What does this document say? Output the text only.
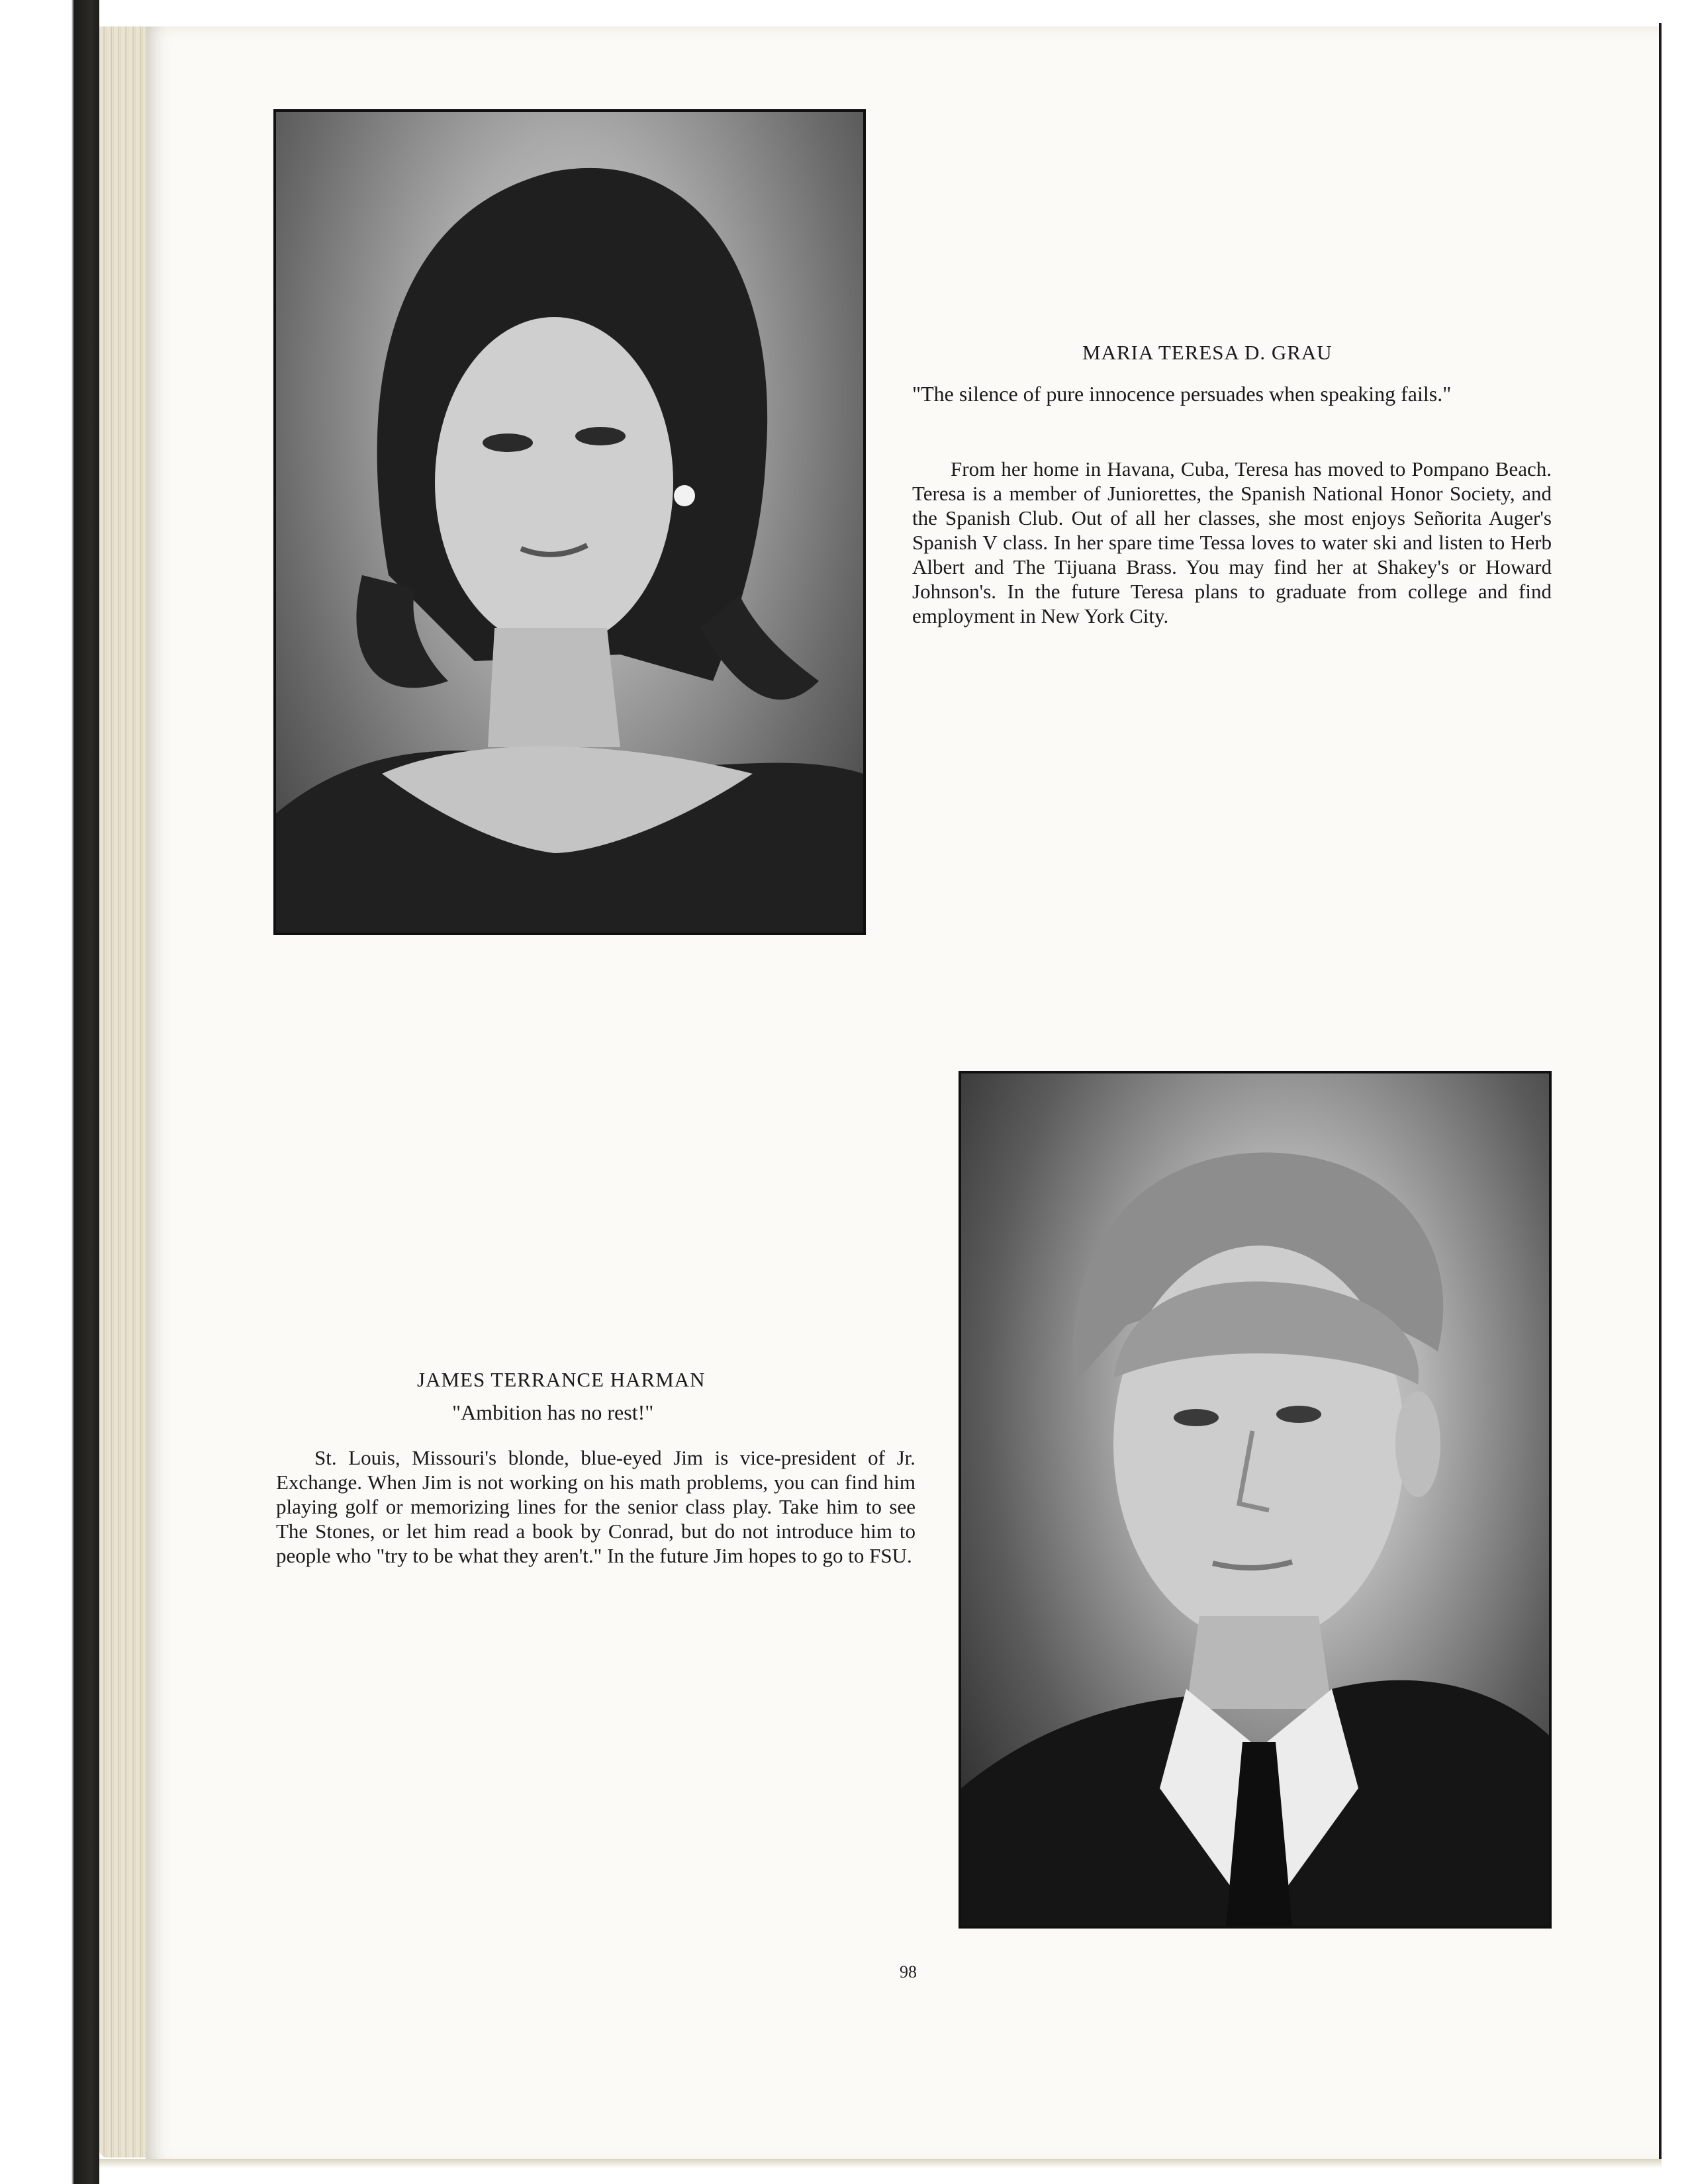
MARIA TERESA D. GRAU
"The silence of pure innocence persuades when speaking fails."
From her home in Havana, Cuba, Teresa has moved to Pompano Beach. Teresa is a member of Juniorettes, the Spanish National Honor Society, and the Spanish Club. Out of all her classes, she most enjoys Señorita Auger's Spanish V class. In her spare time Tessa loves to water ski and listen to Herb Albert and The Tijuana Brass. You may find her at Shakey's or Howard Johnson's. In the future Teresa plans to graduate from college and find employment in New York City.
JAMES TERRANCE HARMAN
"Ambition has no rest!"
St. Louis, Missouri's blonde, blue-eyed Jim is vice-president of Jr. Exchange. When Jim is not working on his math problems, you can find him playing golf or memorizing lines for the senior class play. Take him to see The Stones, or let him read a book by Conrad, but do not introduce him to people who "try to be what they aren't." In the future Jim hopes to go to FSU.
98
